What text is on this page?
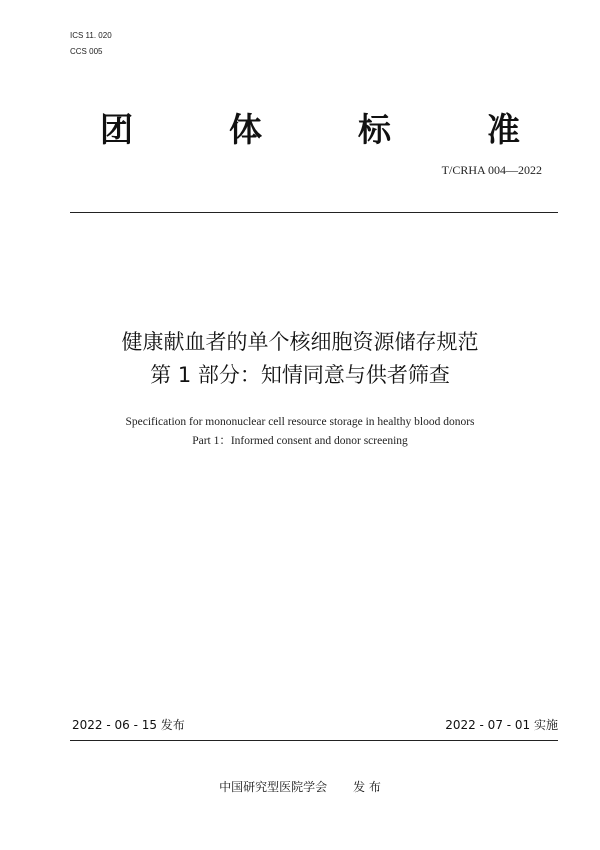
ICS 11. 020
CCS 005
团	体	标	准
T/CRHA 004—2022
健康献血者的单个核细胞资源储存规范
第 1 部分：知情同意与供者筛查
Specification for mononuclear cell resource storage in healthy blood donors
Part 1：Informed consent and donor screening
2022 - 06 - 15 发布	2022 - 07 - 01 实施
中国研究型医院学会 发 布
